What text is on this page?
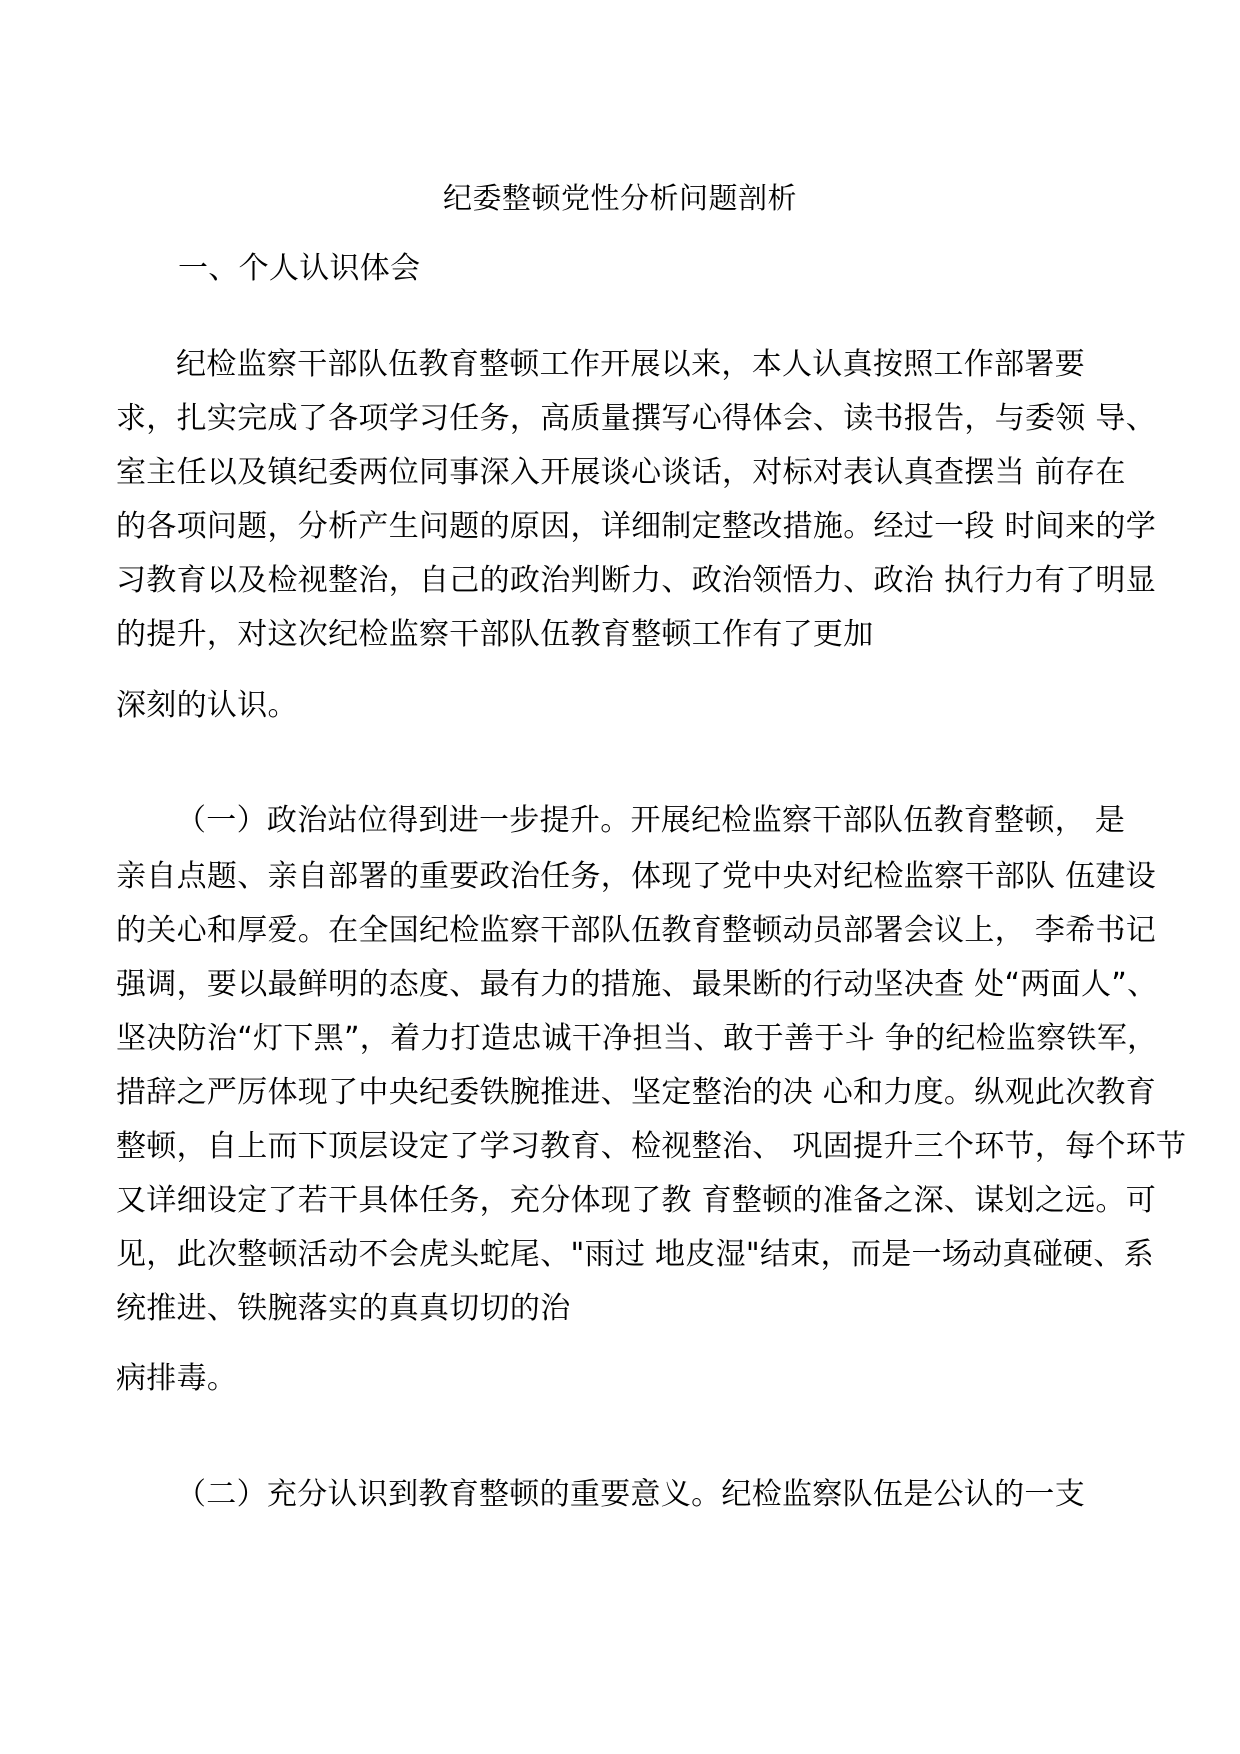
纪委整顿党性分析问题剖析
一、个人认识体会
纪检监察干部队伍教育整顿工作开展以来，本人认真按照工作部署要
求，扎实完成了各项学习任务，高质量撰写心得体会、读书报告，与委领 导、
室主任以及镇纪委两位同事深入开展谈心谈话，对标对表认真查摆当 前存在
的各项问题，分析产生问题的原因，详细制定整改措施。经过一段 时间来的学
习教育以及检视整治，自己的政治判断力、政治领悟力、政治 执行力有了明显
的提升，对这次纪检监察干部队伍教育整顿工作有了更加
深刻的认识。
（一）政治站位得到进一步提升。开展纪检监察干部队伍教育整顿， 是
亲自点题、亲自部署的重要政治任务，体现了党中央对纪检监察干部队 伍建设
的关心和厚爱。在全国纪检监察干部队伍教育整顿动员部署会议上， 李希书记
强调，要以最鲜明的态度、最有力的措施、最果断的行动坚决查 处“两面人”、
坚决防治“灯下黑”，着力打造忠诚干净担当、敢于善于斗 争的纪检监察铁军，
措辞之严厉体现了中央纪委铁腕推进、坚定整治的决 心和力度。纵观此次教育
整顿，自上而下顶层设定了学习教育、检视整治、 巩固提升三个环节，每个环节
又详细设定了若干具体任务，充分体现了教 育整顿的准备之深、谋划之远。可
见，此次整顿活动不会虎头蛇尾、"雨过 地皮湿"结束，而是一场动真碰硬、系
统推进、铁腕落实的真真切切的治
病排毒。
（二）充分认识到教育整顿的重要意义。纪检监察队伍是公认的一支
